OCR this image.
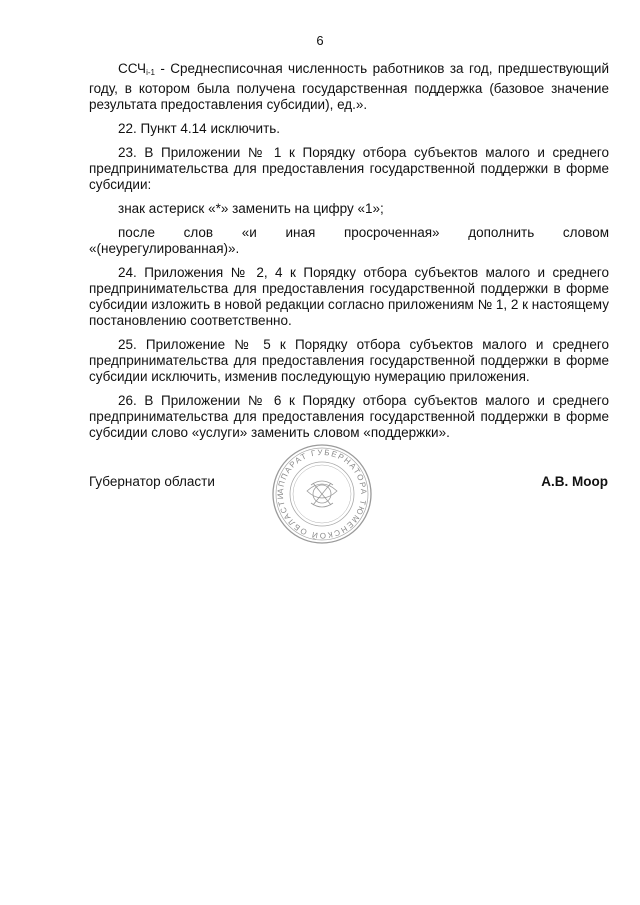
6

$ССЧ_{i-1}$ - Среднесписочная численность работников за год, предшествующий году, в котором была получена государственная поддержка (базовое значение результата предоставления субсидии), ед.».

22. Пункт 4.14 исключить.

23. В Приложении № 1 к Порядку отбора субъектов малого и среднего предпринимательства для предоставления государственной поддержки в форме субсидии:

знак астериск «*» заменить на цифру «1»;

после слов «и иная просроченная» дополнить словом «(неурегулированная)».

24. Приложения № 2, 4 к Порядку отбора субъектов малого и среднего предпринимательства для предоставления государственной поддержки в форме субсидии изложить в новой редакции согласно приложениям № 1, 2 к настоящему постановлению соответственно.

25. Приложение № 5 к Порядку отбора субъектов малого и среднего предпринимательства для предоставления государственной поддержки в форме субсидии исключить, изменив последующую нумерацию приложения.

26. В Приложении № 6 к Порядку отбора субъектов малого и среднего предпринимательства для предоставления государственной поддержки в форме субсидии слово «услуги» заменить словом «поддержки».

Губернатор области
АППАРАТ ГУБЕРНАТОРА ТЮМЕНСКОЙ ОБЛАСТИ
А.В. Моор
